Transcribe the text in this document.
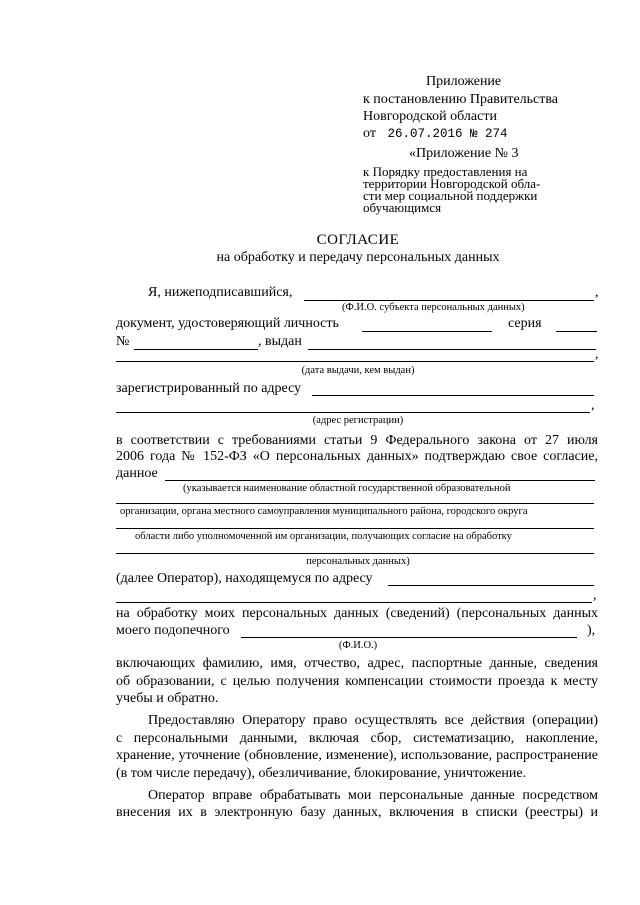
Приложение
к постановлению Правительства
Новгородской области
от 26.07.2016 № 274
«Приложение № 3
к Порядку предоставления на
территории Новгородской обла-
сти мер социальной поддержки
обучающимся
СОГЛАСИЕ
на обработку и передачу персональных данных
Я, нижеподписавшийся,	,
(Ф.И.О. субъекта персональных данных)
документ, удостоверяющий личность	серия
№	, выдан
,
(дата выдачи, кем выдан)
зарегистрированный по адресу
,
(адрес регистрации)
в соответствии с требованиями статьи 9 Федерального закона от 27 июля
2006 года № 152-ФЗ «О персональных данных» подтверждаю свое согласие,
данное
(указывается наименование областной государственной образовательной
организации, органа местного самоуправления муниципального района, городского округа
области либо уполномоченной им организации, получающих согласие на обработку
персональных данных)
(далее Оператор), находящемуся по адресу
,
на обработку моих персональных данных (сведений) (персональных данных
моего подопечного	),
(Ф.И.О.)
включающих фамилию, имя, отчество, адрес, паспортные данные, сведения
об образовании, с целью получения компенсации стоимости проезда к месту
учебы и обратно.
Предоставляю Оператору право осуществлять все действия (операции)
с персональными данными, включая сбор, систематизацию, накопление,
хранение, уточнение (обновление, изменение), использование, распространение
(в том числе передачу), обезличивание, блокирование, уничтожение.
Оператор вправе обрабатывать мои персональные данные посредством
внесения их в электронную базу данных, включения в списки (реестры) и
